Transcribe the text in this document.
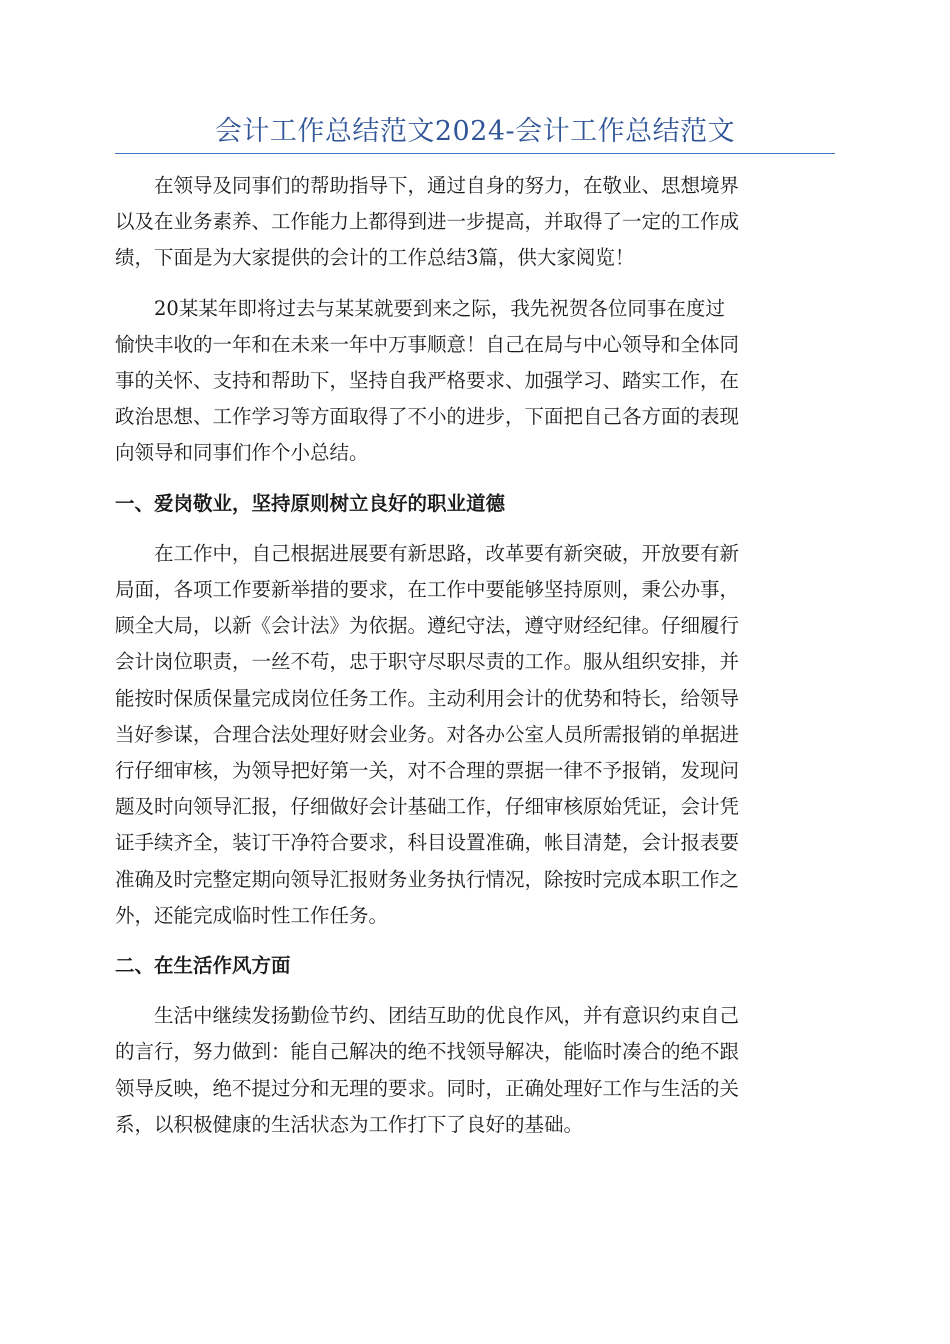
会计工作总结范文2024-会计工作总结范文

在领导及同事们的帮助指导下，通过自身的努力，在敬业、思想境界
以及在业务素养、工作能力上都得到进一步提高，并取得了一定的工作成
绩，下面是为大家提供的会计的工作总结3篇，供大家阅览！

20某某年即将过去与某某就要到来之际，我先祝贺各位同事在度过
愉快丰收的一年和在未来一年中万事顺意！自己在局与中心领导和全体同
事的关怀、支持和帮助下，坚持自我严格要求、加强学习、踏实工作，在
政治思想、工作学习等方面取得了不小的进步，下面把自己各方面的表现
向领导和同事们作个小总结。

一、爱岗敬业，坚持原则树立良好的职业道德

在工作中，自己根据进展要有新思路，改革要有新突破，开放要有新
局面，各项工作要新举措的要求，在工作中要能够坚持原则，秉公办事，
顾全大局，以新《会计法》为依据。遵纪守法，遵守财经纪律。仔细履行
会计岗位职责，一丝不苟，忠于职守尽职尽责的工作。服从组织安排，并
能按时保质保量完成岗位任务工作。主动利用会计的优势和特长，给领导
当好参谋，合理合法处理好财会业务。对各办公室人员所需报销的单据进
行仔细审核，为领导把好第一关，对不合理的票据一律不予报销，发现问
题及时向领导汇报，仔细做好会计基础工作，仔细审核原始凭证，会计凭
证手续齐全，装订干净符合要求，科目设置准确，帐目清楚，会计报表要
准确及时完整定期向领导汇报财务业务执行情况，除按时完成本职工作之
外，还能完成临时性工作任务。

二、在生活作风方面

生活中继续发扬勤俭节约、团结互助的优良作风，并有意识约束自己
的言行，努力做到：能自己解决的绝不找领导解决，能临时凑合的绝不跟
领导反映，绝不提过分和无理的要求。同时，正确处理好工作与生活的关
系，以积极健康的生活状态为工作打下了良好的基础。
